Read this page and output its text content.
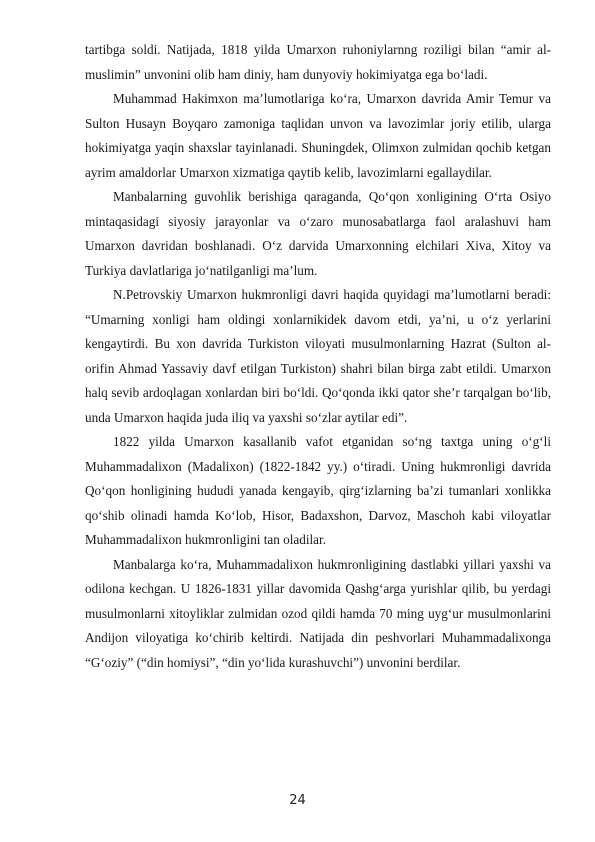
tartibga soldi. Natijada, 1818 yilda Umarxon ruhoniylarnng roziligi bilan “amir al-muslimin” unvonini olib ham diniy, ham dunyoviy hokimiyatga ega bo‘ladi.

Muhammad Hakimxon ma’lumotlariga ko‘ra, Umarxon davrida Amir Temur va Sulton Husayn Boyqaro zamoniga taqlidan unvon va lavozimlar joriy etilib, ularga hokimiyatga yaqin shaxslar tayinlanadi. Shuningdek, Olimxon zulmidan qochib ketgan ayrim amaldorlar Umarxon xizmatiga qaytib kelib, lavozimlarni egallaydilar.

Manbalarning guvohlik berishiga qaraganda, Qo‘qon xonligining O‘rta Osiyo mintaqasidagi siyosiy jarayonlar va o‘zaro munosabatlarga faol aralashuvi ham Umarxon davridan boshlanadi. O‘z darvida Umarxonning elchilari Xiva, Xitoy va Turkiya davlatlariga jo‘natilganligi ma’lum.

N.Petrovskiy Umarxon hukmronligi davri haqida quyidagi ma’lumotlarni beradi: “Umarning xonligi ham oldingi xonlarnikidek davom etdi, ya’ni, u o‘z yerlarini kengaytirdi. Bu xon davrida Turkiston viloyati musulmonlarning Hazrat (Sulton al-orifin Ahmad Yassaviy davf etilgan Turkiston) shahri bilan birga zabt etildi. Umarxon halq sevib ardoqlagan xonlardan biri bo‘ldi. Qo‘qonda ikki qator she’r tarqalgan bo‘lib, unda Umarxon haqida juda iliq va yaxshi so‘zlar aytilar edi”.

1822 yilda Umarxon kasallanib vafot etganidan so‘ng taxtga uning o‘g‘li Muhammadalixon (Madalixon) (1822-1842 yy.) o‘tiradi. Uning hukmronligi davrida Qo‘qon honligining hududi yanada kengayib, qirg‘izlarning ba’zi tumanlari xonlikka qo‘shib olinadi hamda Ko‘lob, Hisor, Badaxshon, Darvoz, Maschoh kabi viloyatlar Muhammadalixon hukmronligini tan oladilar.

Manbalarga ko‘ra, Muhammadalixon hukmronligining dastlabki yillari yaxshi va odilona kechgan. U 1826-1831 yillar davomida Qashg‘arga yurishlar qilib, bu yerdagi musulmonlarni xitoyliklar zulmidan ozod qildi hamda 70 ming uyg‘ur musulmonlarini Andijon viloyatiga ko‘chirib keltirdi. Natijada din peshvorlari Muhammadalixonga “G‘oziy” (“din homiysi”, “din yo‘lida kurashuvchi”) unvonini berdilar.

24
